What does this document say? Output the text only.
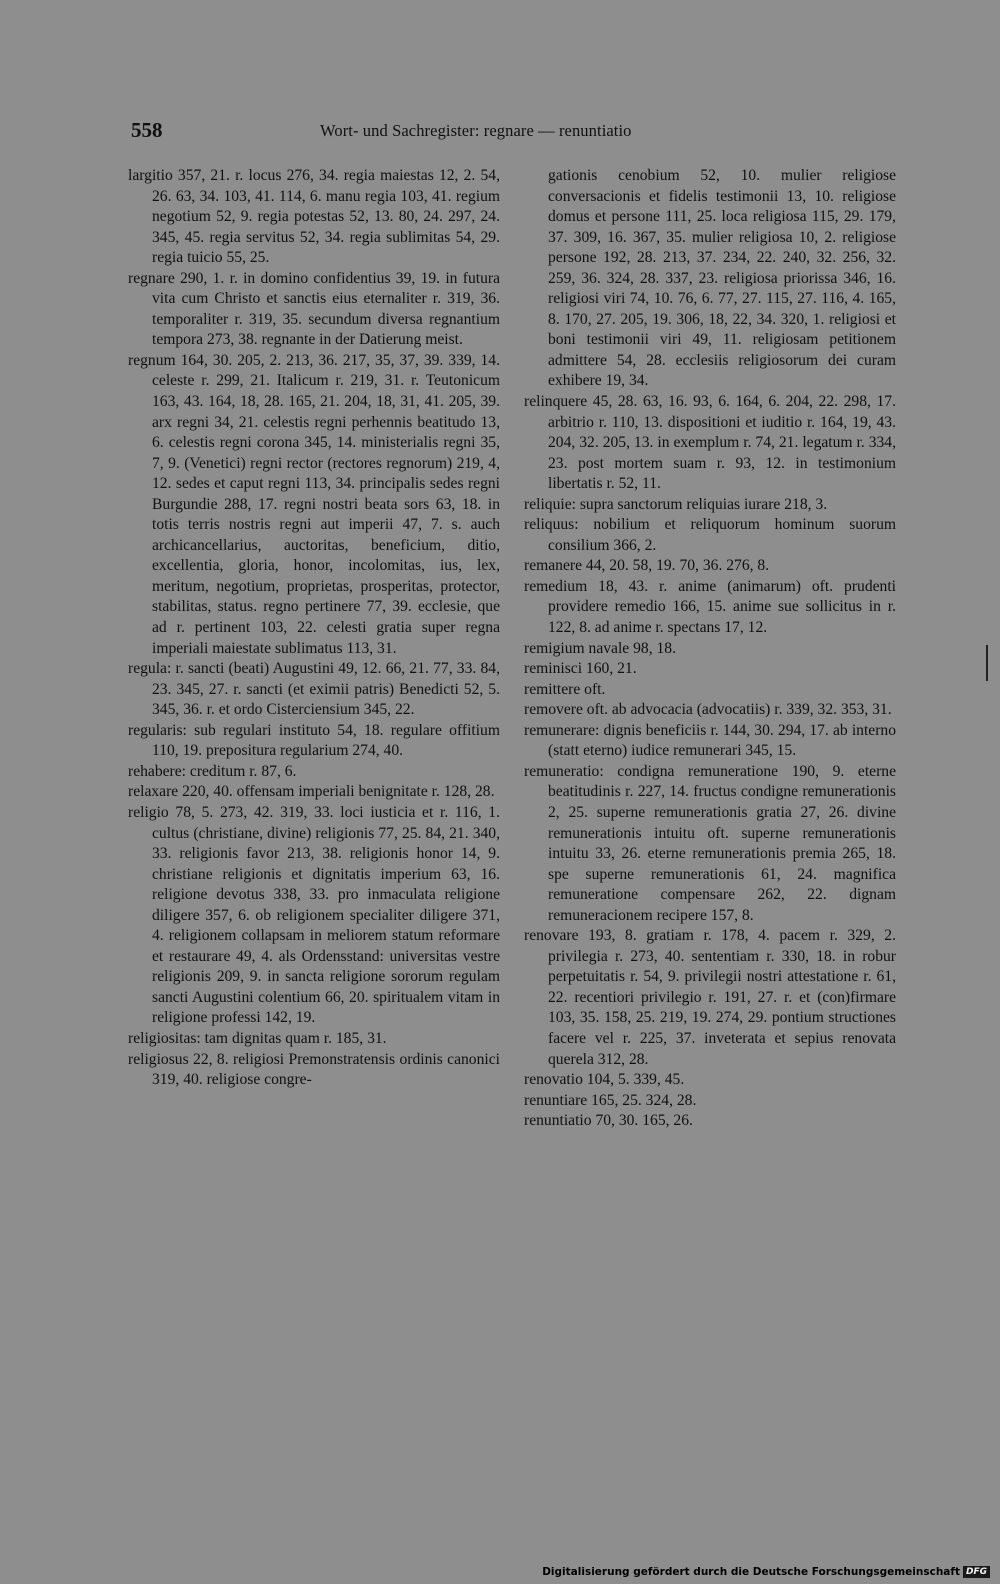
558	Wort- und Sachregister: regnare — renuntiatio

largitio 357, 21. r. locus 276, 34. regia maiestas 12, 2. 54, 26. 63, 34. 103, 41. 114, 6. manu regia 103, 41. regium negotium 52, 9. regia potestas 52, 13. 80, 24. 297, 24. 345, 45. regia servitus 52, 34. regia sublimitas 54, 29. regia tuicio 55, 25.

regnare 290, 1. r. in domino confidentius 39, 19. in futura vita cum Christo et sanctis eius eternaliter r. 319, 36. temporaliter r. 319, 35. secundum diversa regnantium tempora 273, 38. regnante in der Datierung meist.

regnum 164, 30. 205, 2. 213, 36. 217, 35, 37, 39. 339, 14. celeste r. 299, 21. Italicum r. 219, 31. r. Teutonicum 163, 43. 164, 18, 28. 165, 21. 204, 18, 31, 41. 205, 39. arx regni 34, 21. celestis regni perhennis beatitudo 13, 6. celestis regni corona 345, 14. ministerialis regni 35, 7, 9. (Venetici) regni rector (rectores regnorum) 219, 4, 12. sedes et caput regni 113, 34. principalis sedes regni Burgundie 288, 17. regni nostri beata sors 63, 18. in totis terris nostris regni aut imperii 47, 7. s. auch archicancellarius, auctoritas, beneficium, ditio, excellentia, gloria, honor, incolomitas, ius, lex, meritum, negotium, proprietas, prosperitas, protector, stabilitas, status. regno pertinere 77, 39. ecclesie, que ad r. pertinent 103, 22. celesti gratia super regna imperiali maiestate sublimatus 113, 31.

regula: r. sancti (beati) Augustini 49, 12. 66, 21. 77, 33. 84, 23. 345, 27. r. sancti (et eximii patris) Benedicti 52, 5. 345, 36. r. et ordo Cisterciensium 345, 22.

regularis: sub regulari instituto 54, 18. regulare offitium 110, 19. prepositura regularium 274, 40.

rehabere: creditum r. 87, 6.

relaxare 220, 40. offensam imperiali benignitate r. 128, 28.

religio 78, 5. 273, 42. 319, 33. loci iusticia et r. 116, 1. cultus (christiane, divine) religionis 77, 25. 84, 21. 340, 33. religionis favor 213, 38. religionis honor 14, 9. christiane religionis et dignitatis imperium 63, 16. religione devotus 338, 33. pro inmaculata religione diligere 357, 6. ob religionem specialiter diligere 371, 4. religionem collapsam in meliorem statum reformare et restaurare 49, 4. als Ordensstand: universitas vestre religionis 209, 9. in sancta religione sororum regulam sancti Augustini colentium 66, 20. spiritualem vitam in religione professi 142, 19.

religiositas: tam dignitas quam r. 185, 31.

religiosus 22, 8. religiosi Premonstratensis ordinis canonici 319, 40. religiose congre-

gationis cenobium 52, 10. mulier religiose conversacionis et fidelis testimonii 13, 10. religiose domus et persone 111, 25. loca religiosa 115, 29. 179, 37. 309, 16. 367, 35. mulier religiosa 10, 2. religiose persone 192, 28. 213, 37. 234, 22. 240, 32. 256, 32. 259, 36. 324, 28. 337, 23. religiosa priorissa 346, 16. religiosi viri 74, 10. 76, 6. 77, 27. 115, 27. 116, 4. 165, 8. 170, 27. 205, 19. 306, 18, 22, 34. 320, 1. religiosi et boni testimonii viri 49, 11. religiosam petitionem admittere 54, 28. ecclesiis religiosorum dei curam exhibere 19, 34.

relinquere 45, 28. 63, 16. 93, 6. 164, 6. 204, 22. 298, 17. arbitrio r. 110, 13. dispositioni et iuditio r. 164, 19, 43. 204, 32. 205, 13. in exemplum r. 74, 21. legatum r. 334, 23. post mortem suam r. 93, 12. in testimonium libertatis r. 52, 11.

reliquie: supra sanctorum reliquias iurare 218, 3.

reliquus: nobilium et reliquorum hominum suorum consilium 366, 2.

remanere 44, 20. 58, 19. 70, 36. 276, 8.

remedium 18, 43. r. anime (animarum) oft. prudenti providere remedio 166, 15. anime sue sollicitus in r. 122, 8. ad anime r. spectans 17, 12.

remigium navale 98, 18.

reminisci 160, 21.

remittere oft.

removere oft. ab advocacia (advocatiis) r. 339, 32. 353, 31.

remunerare: dignis beneficiis r. 144, 30. 294, 17. ab interno (statt eterno) iudice remunerari 345, 15.

remuneratio: condigna remuneratione 190, 9. eterne beatitudinis r. 227, 14. fructus condigne remunerationis 2, 25. superne remunerationis gratia 27, 26. divine remunerationis intuitu oft. superne remunerationis intuitu 33, 26. eterne remunerationis premia 265, 18. spe superne remunerationis 61, 24. magnifica remuneratione compensare 262, 22. dignam remuneracionem recipere 157, 8.

renovare 193, 8. gratiam r. 178, 4. pacem r. 329, 2. privilegia r. 273, 40. sententiam r. 330, 18. in robur perpetuitatis r. 54, 9. privilegii nostri attestatione r. 61, 22. recentiori privilegio r. 191, 27. r. et (con)firmare 103, 35. 158, 25. 219, 19. 274, 29. pontium structiones facere vel r. 225, 37. inveterata et sepius renovata querela 312, 28.

renovatio 104, 5. 339, 45.

renuntiare 165, 25. 324, 28.

renuntiatio 70, 30. 165, 26.

Digitalisierung gefördert durch die Deutsche Forschungsgemeinschaft DFG
